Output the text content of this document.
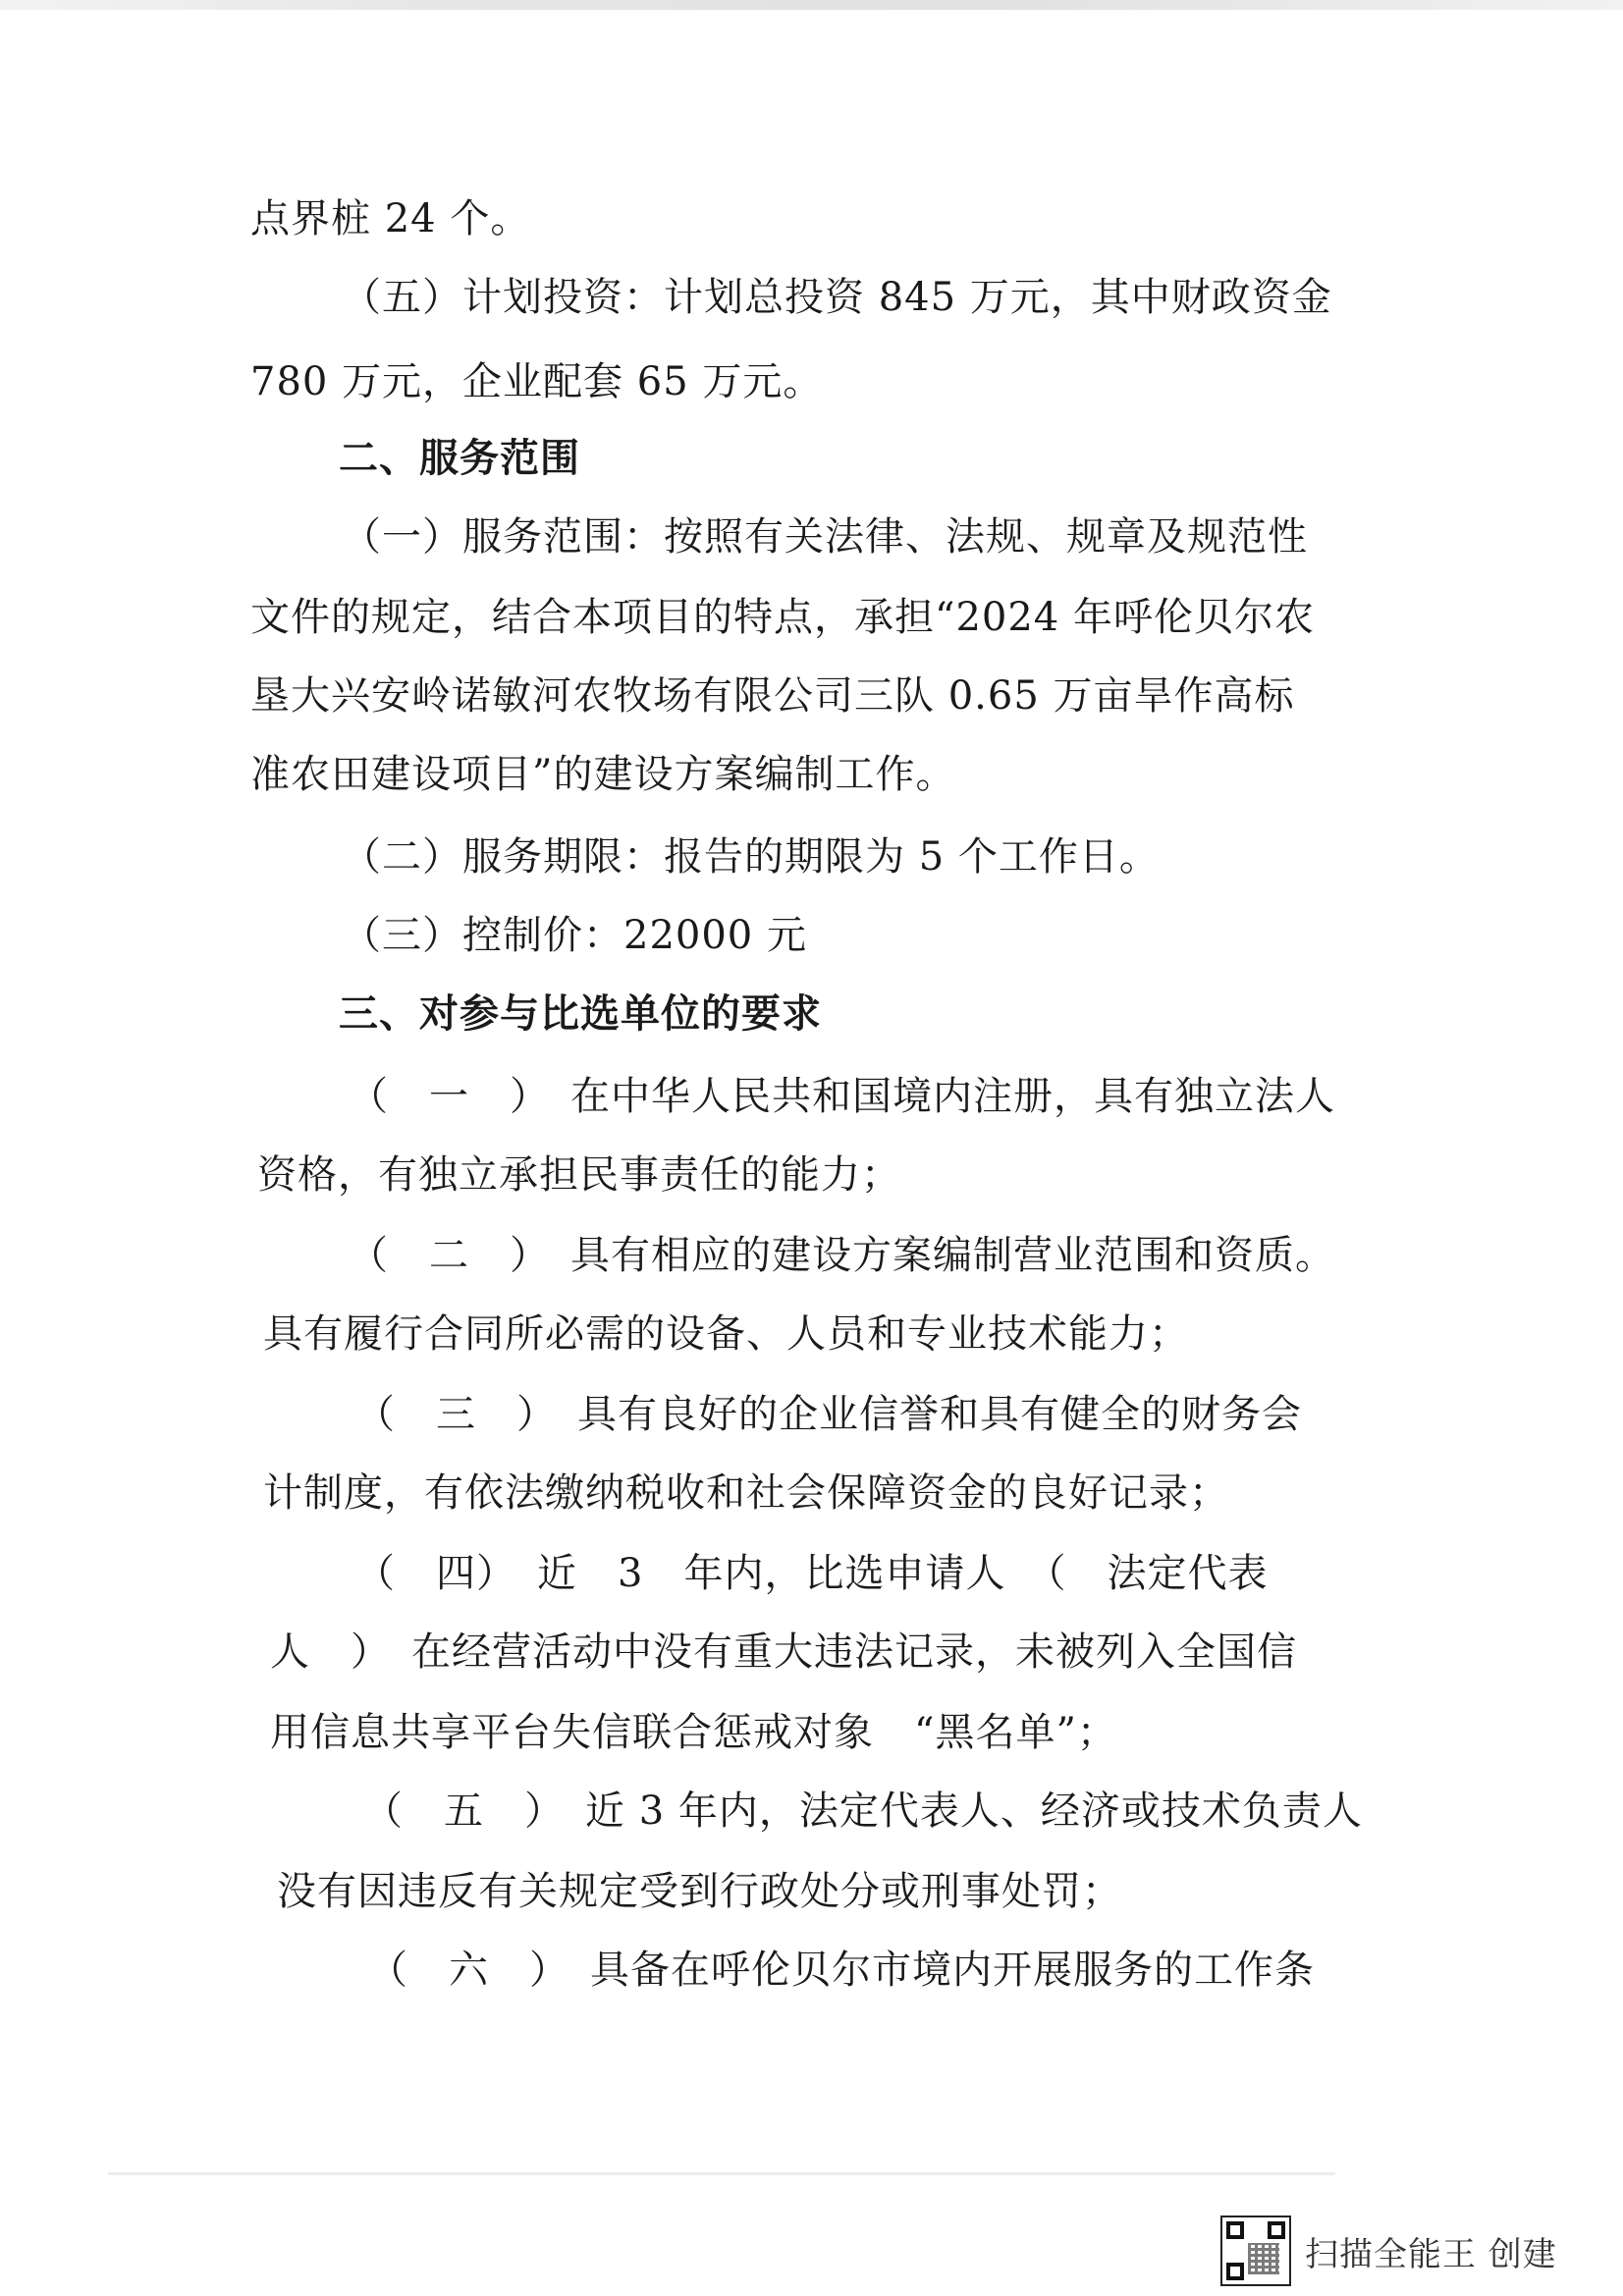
点界桩 24 个。
（五）计划投资：计划总投资 845 万元，其中财政资金
780 万元，企业配套 65 万元。
二、服务范围
（一）服务范围：按照有关法律、法规、规章及规范性
文件的规定，结合本项目的特点，承担“2024 年呼伦贝尔农
垦大兴安岭诺敏河农牧场有限公司三队 0.65 万亩旱作高标
准农田建设项目”的建设方案编制工作。
（二）服务期限：报告的期限为 5 个工作日。
（三）控制价：22000 元
三、对参与比选单位的要求
（　一　）　在中华人民共和国境内注册，具有独立法人
资格，有独立承担民事责任的能力；
（　二　）　具有相应的建设方案编制营业范围和资质。
具有履行合同所必需的设备、人员和专业技术能力；
（　三　）　具有良好的企业信誉和具有健全的财务会
计制度，有依法缴纳税收和社会保障资金的良好记录；
（　四）　近　3　年内，比选申请人　（　法定代表
人　）　在经营活动中没有重大违法记录，未被列入全国信
用信息共享平台失信联合惩戒对象　“黑名单”；
（　五　）　近 3 年内，法定代表人、经济或技术负责人
没有因违反有关规定受到行政处分或刑事处罚；
（　六　）　具备在呼伦贝尔市境内开展服务的工作条
扫描全能王 创建
